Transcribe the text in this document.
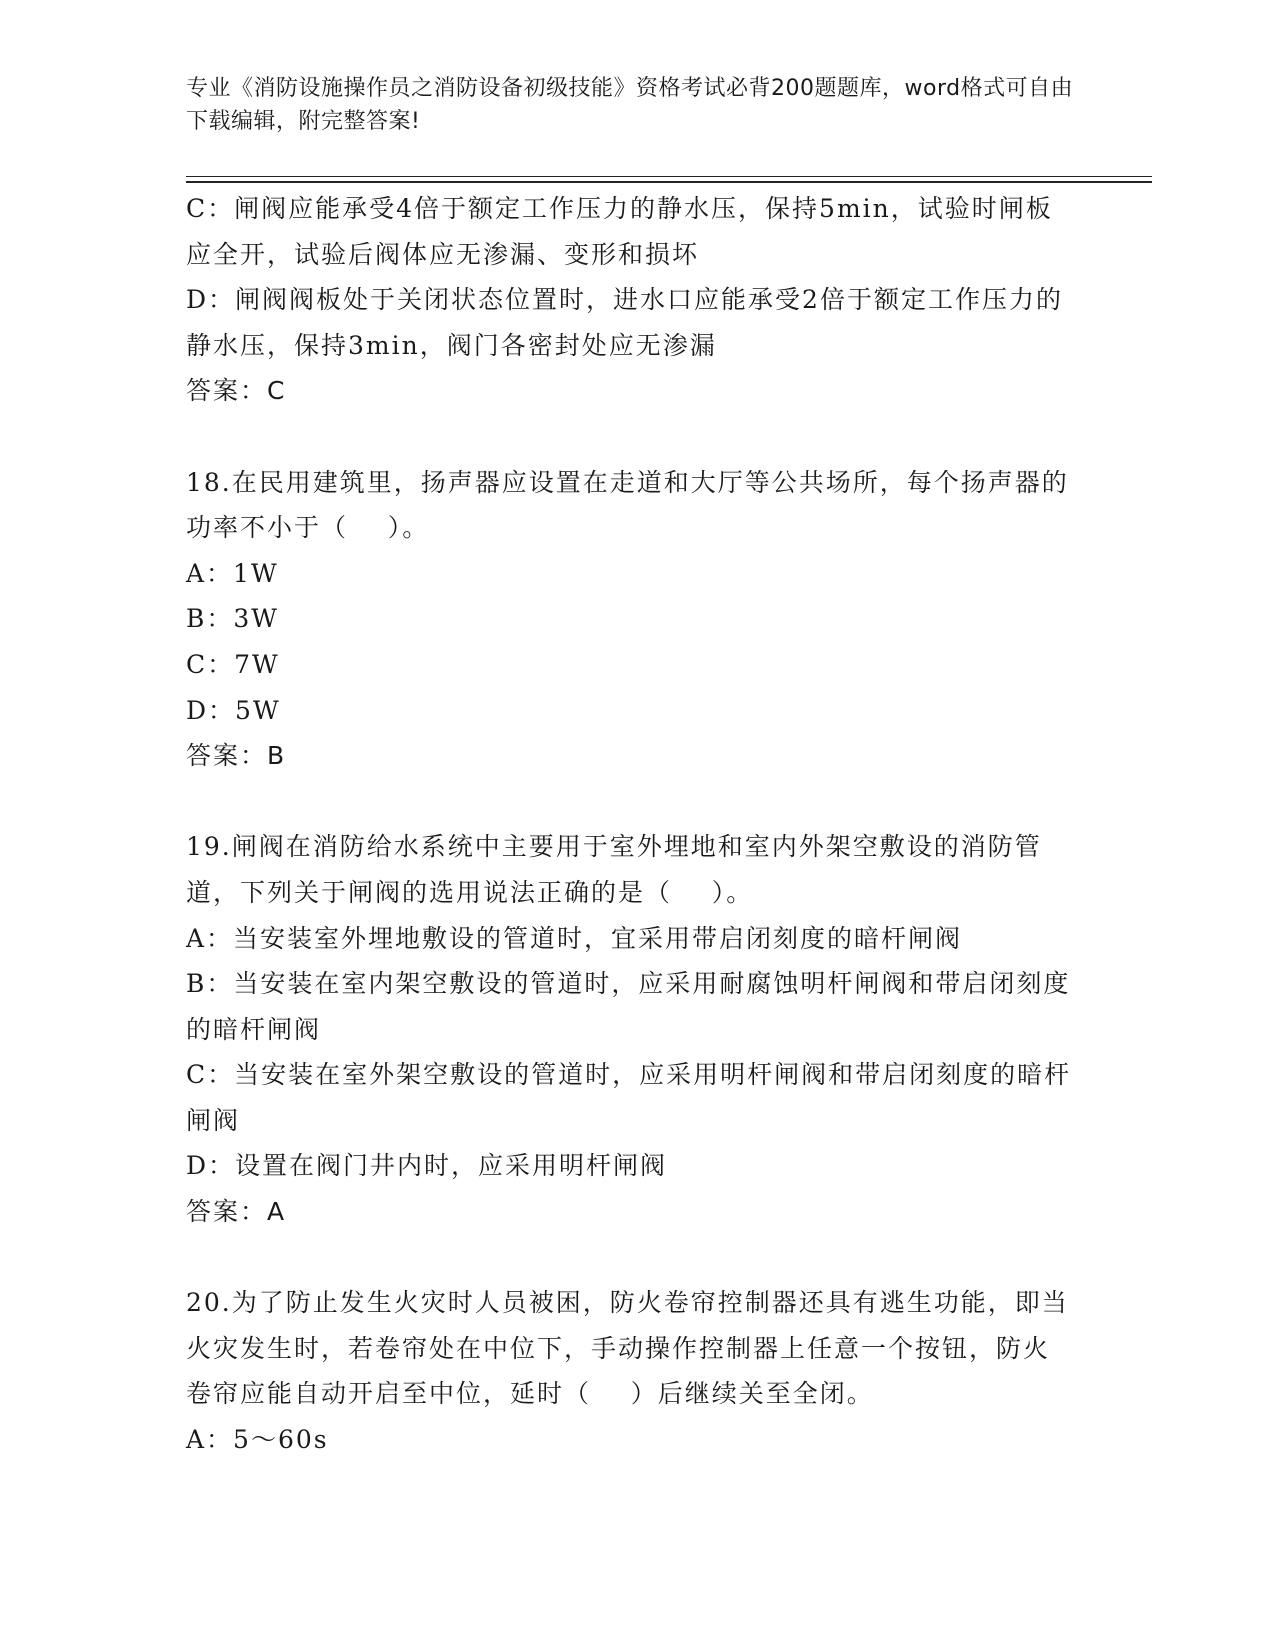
专业《消防设施操作员之消防设备初级技能》资格考试必背200题题库，word格式可自由下载编辑，附完整答案!
C：闸阀应能承受4倍于额定工作压力的静水压，保持5min，试验时闸板应全开，试验后阀体应无渗漏、变形和损坏
D：闸阀阀板处于关闭状态位置时，进水口应能承受2倍于额定工作压力的静水压，保持3min，阀门各密封处应无渗漏
答案：C
18.在民用建筑里，扬声器应设置在走道和大厅等公共场所，每个扬声器的功率不小于（    ）。
A：1W
B：3W
C：7W
D：5W
答案：B
19.闸阀在消防给水系统中主要用于室外埋地和室内外架空敷设的消防管道，下列关于闸阀的选用说法正确的是（    ）。
A：当安装室外埋地敷设的管道时，宜采用带启闭刻度的暗杆闸阀
B：当安装在室内架空敷设的管道时，应采用耐腐蚀明杆闸阀和带启闭刻度的暗杆闸阀
C：当安装在室外架空敷设的管道时，应采用明杆闸阀和带启闭刻度的暗杆闸阀
D：设置在阀门井内时，应采用明杆闸阀
答案：A
20.为了防止发生火灾时人员被困，防火卷帘控制器还具有逃生功能，即当火灾发生时，若卷帘处在中位下，手动操作控制器上任意一个按钮，防火卷帘应能自动开启至中位，延时（    ）后继续关至全闭。
A：5～60s
